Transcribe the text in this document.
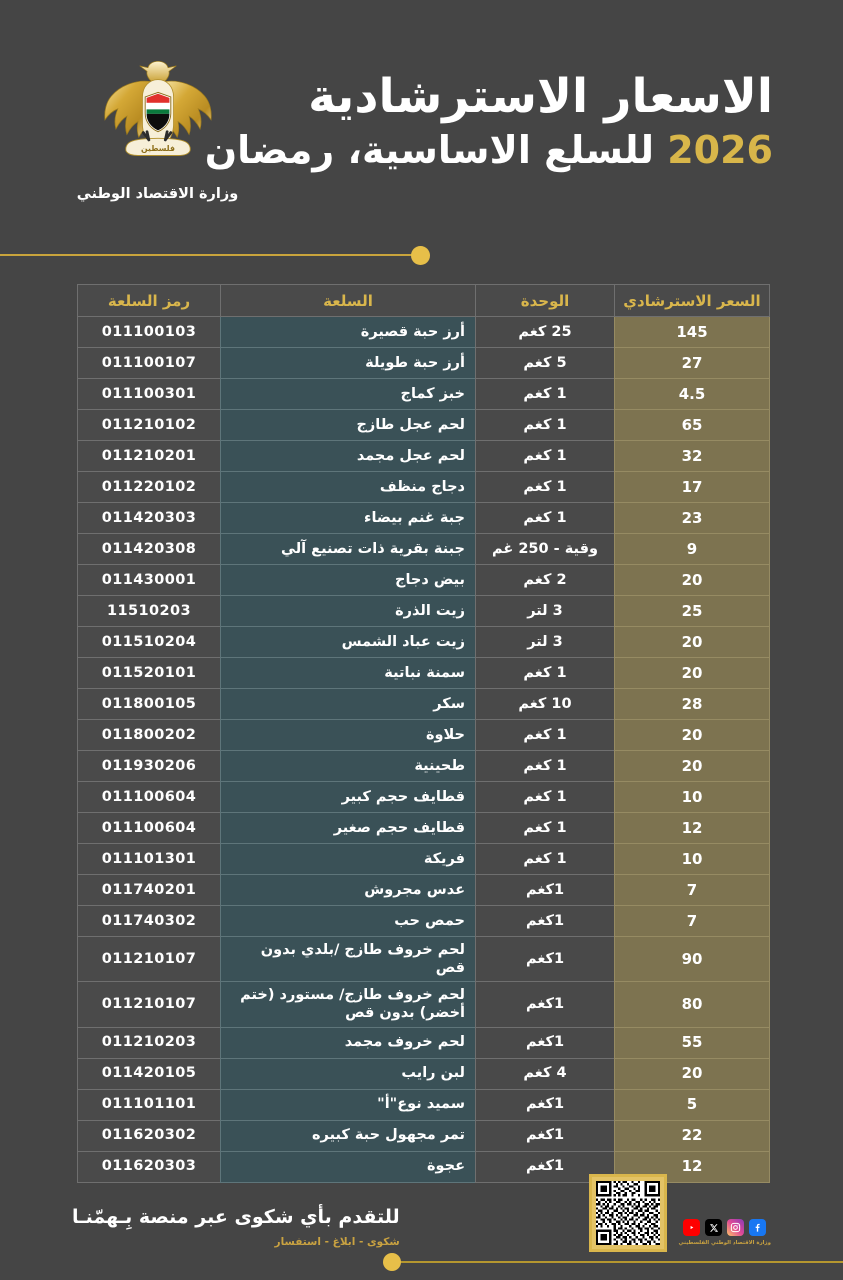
الاسعار الاسترشادية
2026 للسلع الاساسية، رمضان
فلسطين
وزارة الاقتصاد الوطني
السعر الاسترشادي	الوحدة	السلعة	رمز السلعة
145	25 كغم	أرز حبة قصيرة	011100103
27	5 كغم	أرز حبة طويلة	011100107
4.5	1 كغم	خبز كماج	011100301
65	1 كغم	لحم عجل طازج	011210102
32	1 كغم	لحم عجل مجمد	011210201
17	1 كغم	دجاج منظف	011220102
23	1 كغم	جبة غنم بيضاء	011420303
9	وقية - 250 غم	جبنة بقرية ذات تصنيع آلي	011420308
20	2 كغم	بيض دجاج	011430001
25	3 لتر	زيت الذرة	11510203
20	3 لتر	زيت عباد الشمس	011510204
20	1 كغم	سمنة نباتية	011520101
28	10 كغم	سكر	011800105
20	1 كغم	حلاوة	011800202
20	1 كغم	طحينية	011930206
10	1 كغم	قطايف حجم كبير	011100604
12	1 كغم	قطايف حجم صغير	011100604
10	1 كغم	فريكة	011101301
7	1كغم	عدس مجروش	011740201
7	1كغم	حمص حب	011740302
90	1كغم	لحم خروف طازج /بلدي بدون قص	011210107
80	1كغم	لحم خروف طازج/ مستورد (ختم أخضر) بدون قص	011210107
55	1كغم	لحم خروف مجمد	011210203
20	4 كغم	لبن رايب	011420105
5	1كغم	سميد نوع"أ"	011101101
22	1كغم	تمر مجهول حبة كبيره	011620302
12	1كغم	عجوة	011620303
للتقدم بأي شكوى عبر منصة بِـهمّنـا
شكوى - ابلاغ - استفسار	وزارة الاقتصاد الوطني الفلسطيني
